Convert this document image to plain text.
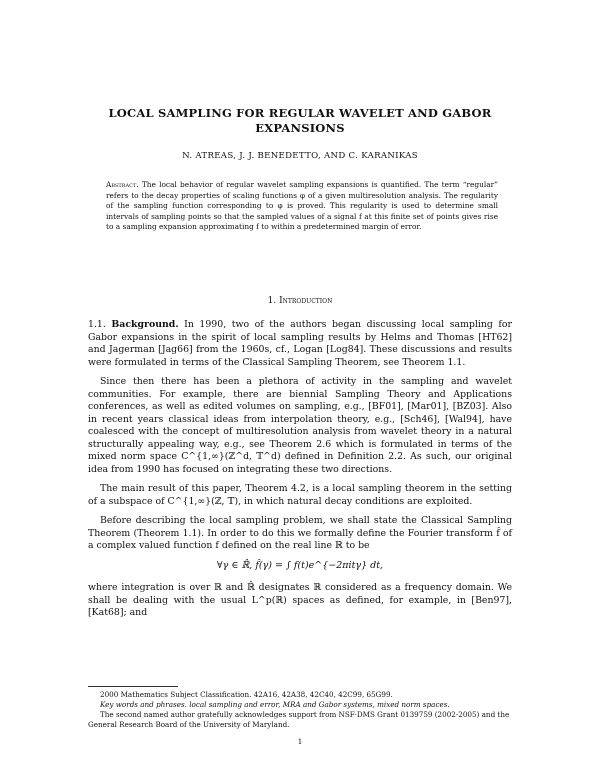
LOCAL SAMPLING FOR REGULAR WAVELET AND GABOR EXPANSIONS
N. ATREAS, J. J. BENEDETTO, AND C. KARANIKAS
Abstract. The local behavior of regular wavelet sampling expansions is quantified. The term “regular” refers to the decay properties of scaling functions φ of a given multiresolution analysis. The regularity of the sampling function corresponding to φ is proved. This regularity is used to determine small intervals of sampling points so that the sampled values of a signal f at this finite set of points gives rise to a sampling expansion approximating f to within a predetermined margin of error.
1. Introduction

1.1. Background. In 1990, two of the authors began discussing local sampling for Gabor expansions in the spirit of local sampling results by Helms and Thomas [HT62] and Jagerman [Jag66] from the 1960s, cf., Logan [Log84]. These discussions and results were formulated in terms of the Classical Sampling Theorem, see Theorem 1.1.

Since then there has been a plethora of activity in the sampling and wavelet communities. For example, there are biennial Sampling Theory and Applications conferences, as well as edited volumes on sampling, e.g., [BF01], [Mar01], [BZ03]. Also in recent years classical ideas from interpolation theory, e.g., [Sch46], [Wal94], have coalesced with the concept of multiresolution analysis from wavelet theory in a natural structurally appealing way, e.g., see Theorem 2.6 which is formulated in terms of the mixed norm space C^{1,∞}(ℤ^d, 𝕋^d) defined in Definition 2.2. As such, our original idea from 1990 has focused on integrating these two directions.

The main result of this paper, Theorem 4.2, is a local sampling theorem in the setting of a subspace of C^{1,∞}(ℤ, 𝕋), in which natural decay conditions are exploited.

Before describing the local sampling problem, we shall state the Classical Sampling Theorem (Theorem 1.1). In order to do this we formally define the Fourier transform f̂ of a complex valued function f defined on the real line ℝ to be

∀γ ∈ ℝ̂, f̂(γ) = ∫ f(t)e^{−2πitγ} dt,

where integration is over ℝ and ℝ̂ designates ℝ considered as a frequency domain. We shall be dealing with the usual L^p(ℝ) spaces as defined, for example, in [Ben97], [Kat68]; and

2000 Mathematics Subject Classification. 42A16, 42A38, 42C40, 42C99, 65G99.
Key words and phrases. local sampling and error, MRA and Gabor systems, mixed norm spaces.
The second named author gratefully acknowledges support from NSF-DMS Grant 0139759 (2002-2005) and the General Research Board of the University of Maryland.
1
